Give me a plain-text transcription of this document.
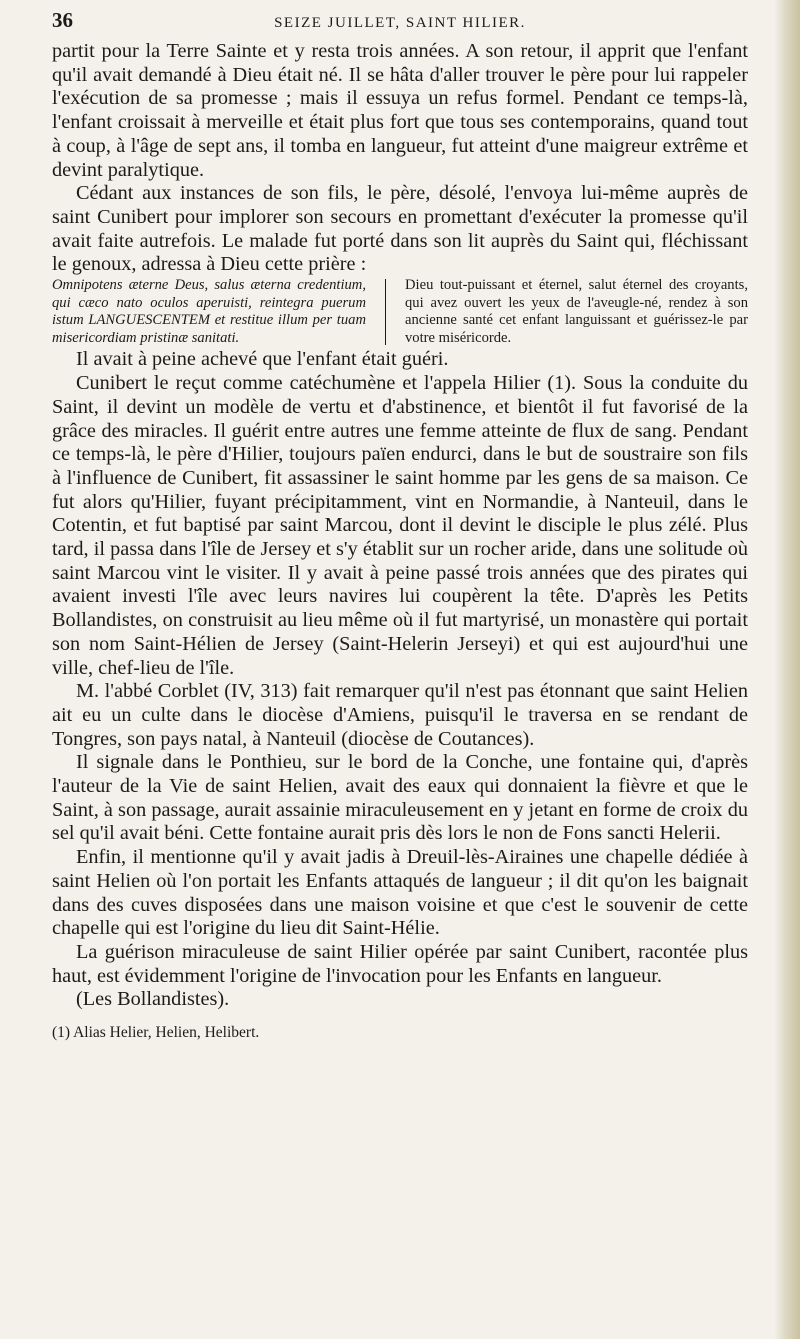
36	SEIZE JUILLET, SAINT HILIER.

partit pour la Terre Sainte et y resta trois années. A son retour, il apprit que l'enfant qu'il avait demandé à Dieu était né. Il se hâta d'aller trouver le père pour lui rappeler l'exécution de sa promesse ; mais il essuya un refus formel. Pendant ce temps-là, l'enfant croissait à merveille et était plus fort que tous ses contemporains, quand tout à coup, à l'âge de sept ans, il tomba en langueur, fut atteint d'une maigreur extrême et devint paralytique.

Cédant aux instances de son fils, le père, désolé, l'envoya lui-même auprès de saint Cunibert pour implorer son secours en promettant d'exécuter la promesse qu'il avait faite autrefois. Le malade fut porté dans son lit auprès du Saint qui, fléchissant le genoux, adressa à Dieu cette prière :

Omnipotens æterne Deus, salus æterna credentium, qui cæco nato oculos aperuisti, reintegra puerum istum LANGUESCENTEM et restitue illum per tuam misericordiam pristinæ sanitati.
Dieu tout-puissant et éternel, salut éternel des croyants, qui avez ouvert les yeux de l'aveugle-né, rendez à son ancienne santé cet enfant languissant et guérissez-le par votre miséricorde.

Il avait à peine achevé que l'enfant était guéri.

Cunibert le reçut comme catéchumène et l'appela Hilier (1). Sous la conduite du Saint, il devint un modèle de vertu et d'abstinence, et bientôt il fut favorisé de la grâce des miracles. Il guérit entre autres une femme atteinte de flux de sang. Pendant ce temps-là, le père d'Hilier, toujours païen endurci, dans le but de soustraire son fils à l'influence de Cunibert, fit assassiner le saint homme par les gens de sa maison. Ce fut alors qu'Hilier, fuyant précipitamment, vint en Normandie, à Nanteuil, dans le Cotentin, et fut baptisé par saint Marcou, dont il devint le disciple le plus zélé. Plus tard, il passa dans l'île de Jersey et s'y établit sur un rocher aride, dans une solitude où saint Marcou vint le visiter. Il y avait à peine passé trois années que des pirates qui avaient investi l'île avec leurs navires lui coupèrent la tête. D'après les Petits Bollandistes, on construisit au lieu même où il fut martyrisé, un monastère qui portait son nom Saint-Hélien de Jersey (Saint-Helerin Jerseyi) et qui est aujourd'hui une ville, chef-lieu de l'île.

M. l'abbé Corblet (IV, 313) fait remarquer qu'il n'est pas étonnant que saint Helien ait eu un culte dans le diocèse d'Amiens, puisqu'il le traversa en se rendant de Tongres, son pays natal, à Nanteuil (diocèse de Coutances).

Il signale dans le Ponthieu, sur le bord de la Conche, une fontaine qui, d'après l'auteur de la Vie de saint Helien, avait des eaux qui donnaient la fièvre et que le Saint, à son passage, aurait assainie miraculeusement en y jetant en forme de croix du sel qu'il avait béni. Cette fontaine aurait pris dès lors le non de Fons sancti Helerii.

Enfin, il mentionne qu'il y avait jadis à Dreuil-lès-Airaines une chapelle dédiée à saint Helien où l'on portait les Enfants attaqués de langueur ; il dit qu'on les baignait dans des cuves disposées dans une maison voisine et que c'est le souvenir de cette chapelle qui est l'origine du lieu dit Saint-Hélie.

La guérison miraculeuse de saint Hilier opérée par saint Cunibert, racontée plus haut, est évidemment l'origine de l'invocation pour les Enfants en langueur.

(Les Bollandistes).

(1) Alias Helier, Helien, Helibert.
